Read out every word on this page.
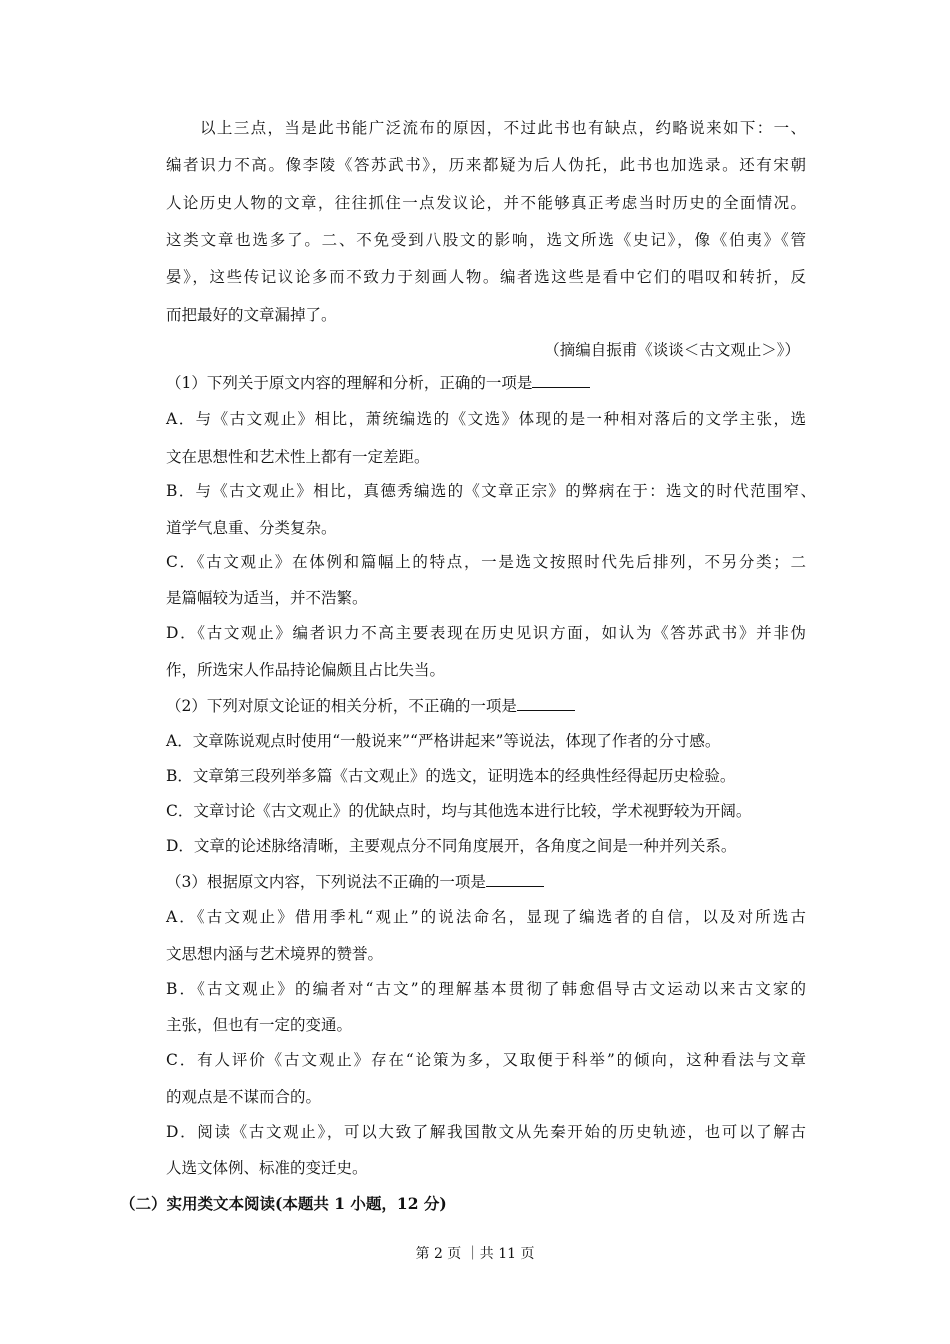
以上三点，当是此书能广泛流布的原因，不过此书也有缺点，约略说来如下：一、
编者识力不高。像李陵《答苏武书》，历来都疑为后人伪托，此书也加选录。还有宋朝
人论历史人物的文章，往往抓住一点发议论，并不能够真正考虑当时历史的全面情况。
这类文章也选多了。二、不免受到八股文的影响，选文所选《史记》，像《伯夷》《管
晏》，这些传记议论多而不致力于刻画人物。编者选这些是看中它们的唱叹和转折，反
而把最好的文章漏掉了。
（摘编自振甫《谈谈＜古文观止＞》）
（1）下列关于原文内容的理解和分析，正确的一项是
A．与《古文观止》相比，萧统编选的《文选》体现的是一种相对落后的文学主张，选
文在思想性和艺术性上都有一定差距。
B．与《古文观止》相比，真德秀编选的《文章正宗》的弊病在于：选文的时代范围窄、
道学气息重、分类复杂。
C．《古文观止》在体例和篇幅上的特点，一是选文按照时代先后排列，不另分类；二
是篇幅较为适当，并不浩繁。
D．《古文观止》编者识力不高主要表现在历史见识方面，如认为《答苏武书》并非伪
作，所选宋人作品持论偏颇且占比失当。
（2）下列对原文论证的相关分析，不正确的一项是
A．文章陈说观点时使用“一般说来”“严格讲起来”等说法，体现了作者的分寸感。
B．文章第三段列举多篇《古文观止》的选文，证明选本的经典性经得起历史检验。
C．文章讨论《古文观止》的优缺点时，均与其他选本进行比较，学术视野较为开阔。
D．文章的论述脉络清晰，主要观点分不同角度展开，各角度之间是一种并列关系。
（3）根据原文内容，下列说法不正确的一项是
A．《古文观止》借用季札“观止”的说法命名，显现了编选者的自信，以及对所选古
文思想内涵与艺术境界的赞誉。
B．《古文观止》的编者对“古文”的理解基本贯彻了韩愈倡导古文运动以来古文家的
主张，但也有一定的变通。
C．有人评价《古文观止》存在“论策为多，又取便于科举”的倾向，这种看法与文章
的观点是不谋而合的。
D．阅读《古文观止》，可以大致了解我国散文从先秦开始的历史轨迹，也可以了解古
人选文体例、标准的变迁史。
（二）实用类文本阅读(本题共 1 小题，12 分)
第 2 页 ｜共 11 页
